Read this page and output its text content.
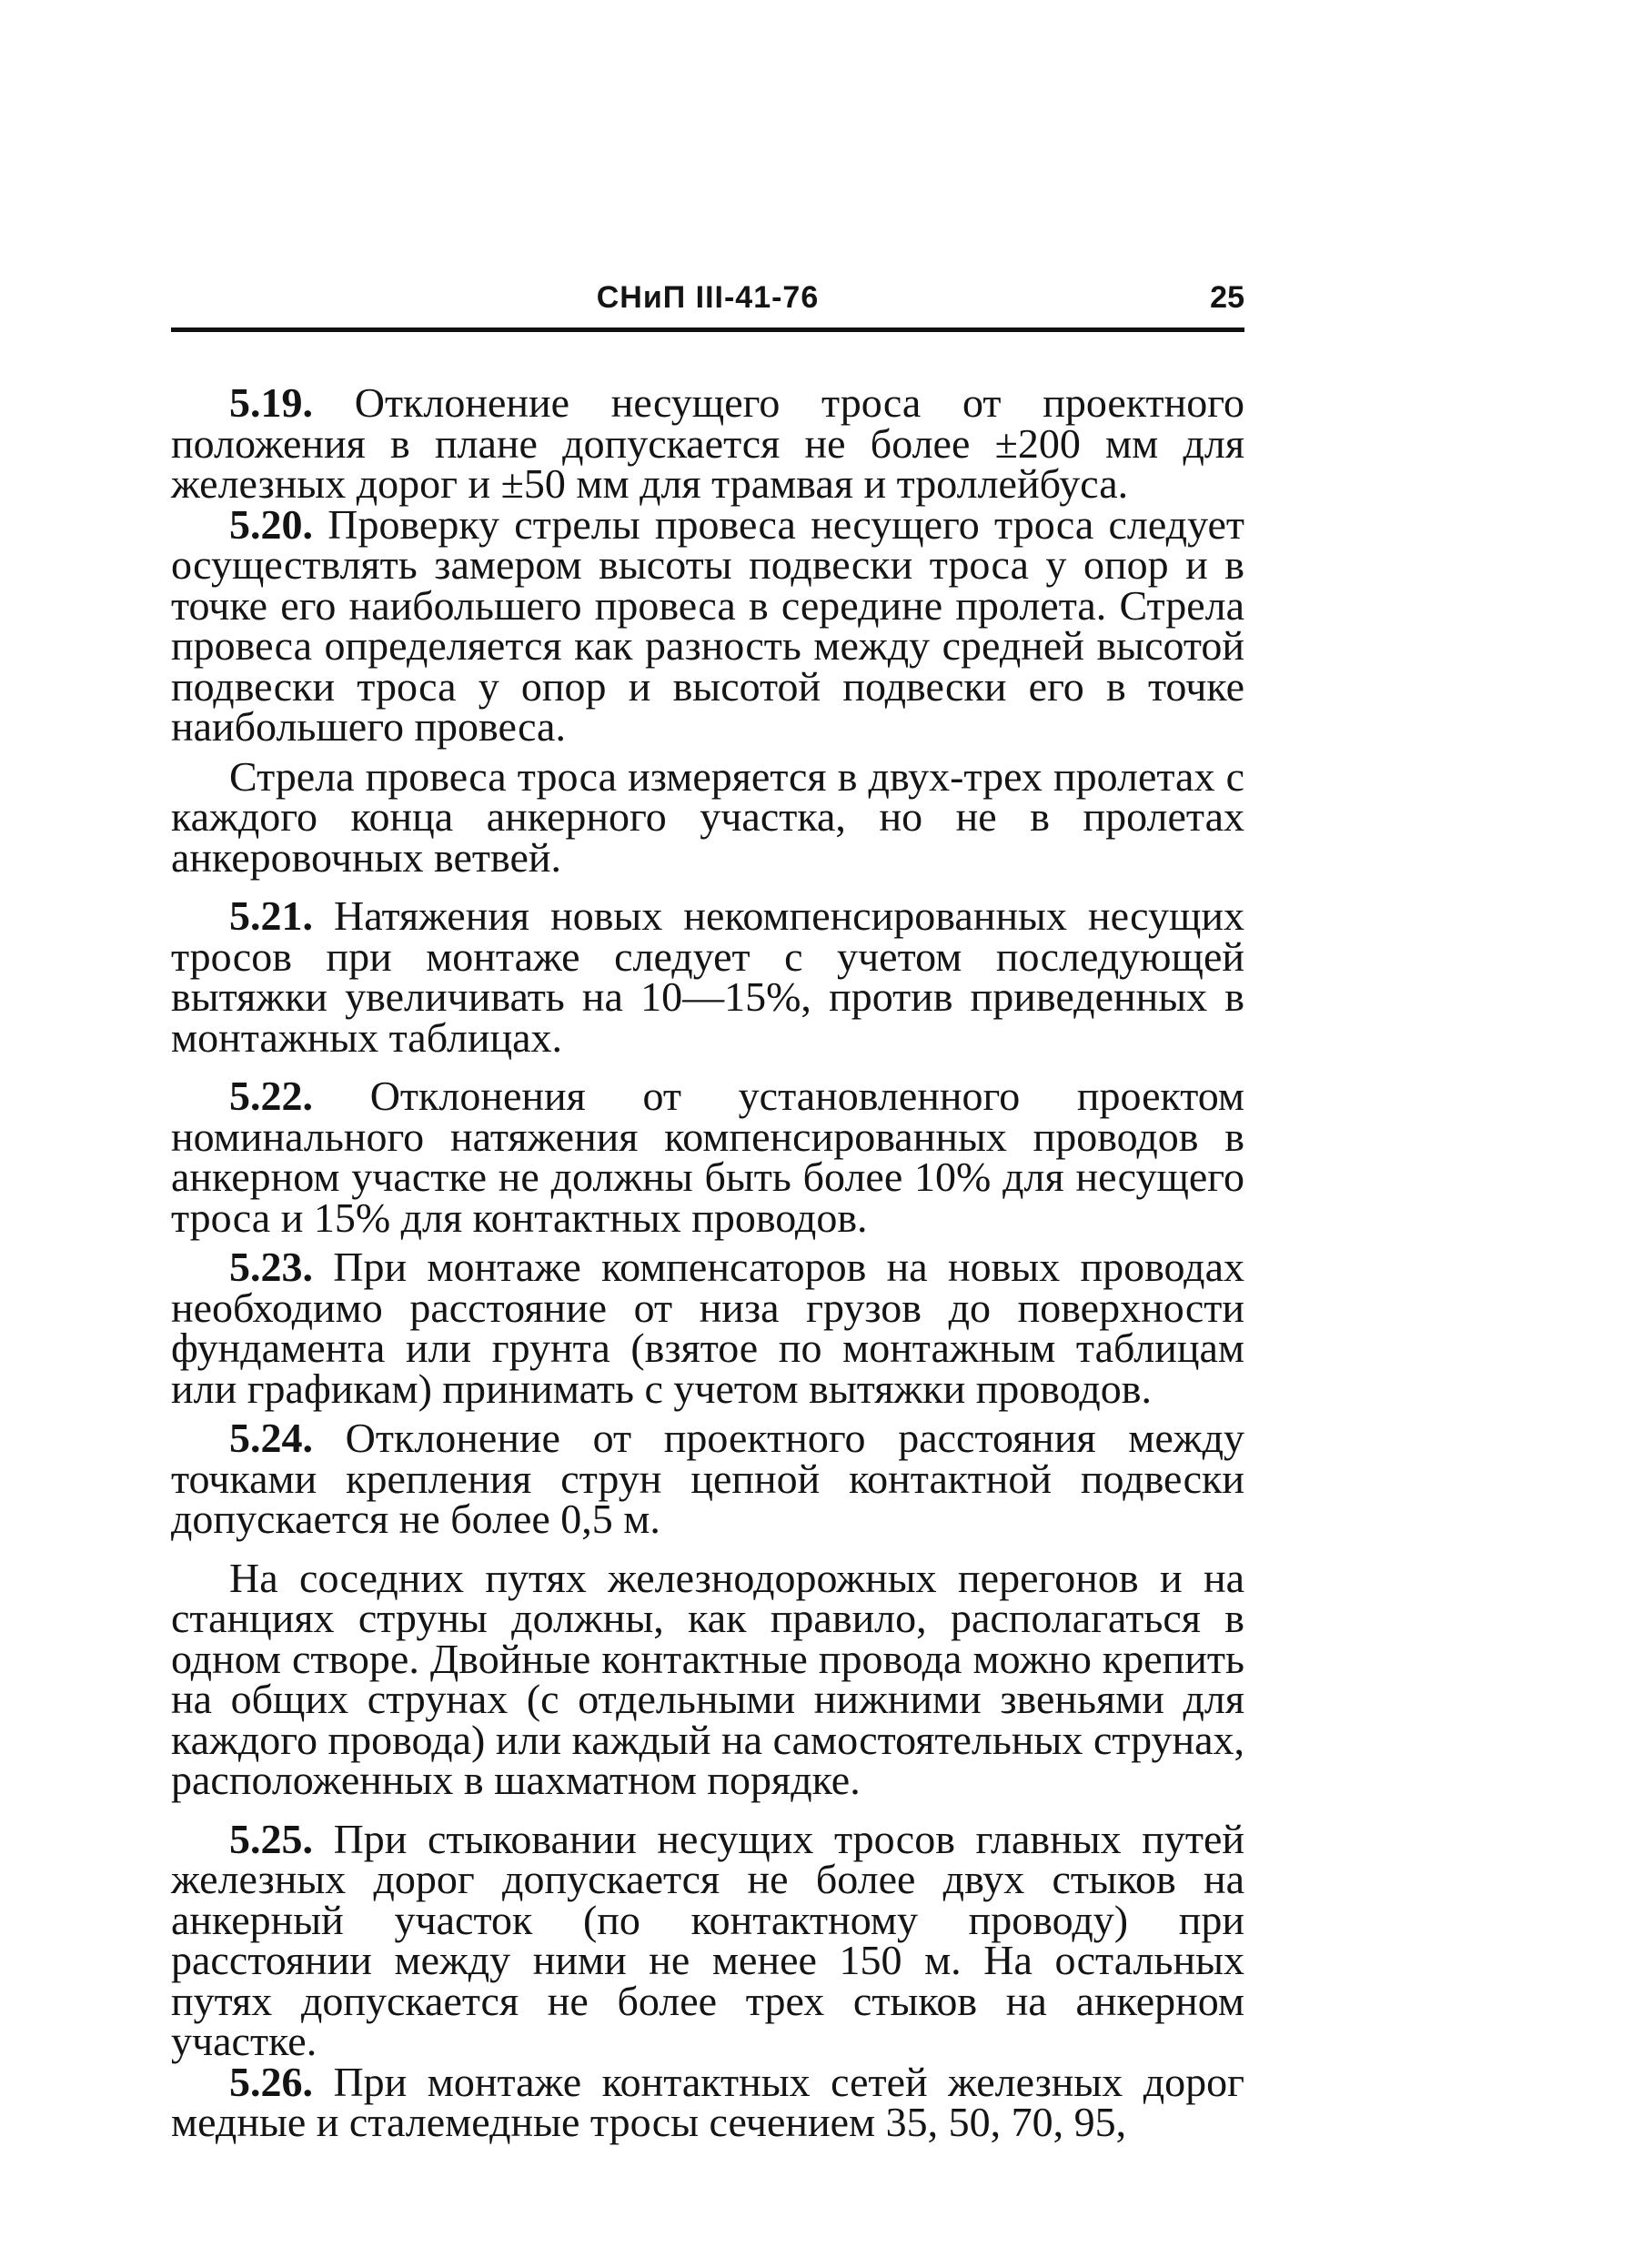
СНиП III-41-76	25

5.19. Отклонение несущего троса от проектного положения в плане допускается не более ±200 мм для железных дорог и ±50 мм для трамвая и троллейбуса.

5.20. Проверку стрелы провеса несущего троса следует осуществлять замером высоты подвески троса у опор и в точке его наибольшего провеса в середине пролета. Стрела провеса определяется как разность между средней высотой подвески троса у опор и высотой подвески его в точке наибольшего провеса.

Стрела провеса троса измеряется в двух-трех пролетах с каждого конца анкерного участка, но не в пролетах анкеровочных ветвей.

5.21. Натяжения новых некомпенсированных несущих тросов при монтаже следует с учетом последующей вытяжки увеличивать на 10—15%, против приведенных в монтажных таблицах.

5.22. Отклонения от установленного проектом номинального натяжения компенсированных проводов в анкерном участке не должны быть более 10% для несущего троса и 15% для контактных проводов.

5.23. При монтаже компенсаторов на новых проводах необходимо расстояние от низа грузов до поверхности фундамента или грунта (взятое по монтажным таблицам или графикам) принимать с учетом вытяжки проводов.

5.24. Отклонение от проектного расстояния между точками крепления струн цепной контактной подвески допускается не более 0,5 м.

На соседних путях железнодорожных перегонов и на станциях струны должны, как правило, располагаться в одном створе. Двойные контактные провода можно крепить на общих струнах (с отдельными нижними звеньями для каждого провода) или каждый на самостоятельных струнах, расположенных в шахматном порядке.

5.25. При стыковании несущих тросов главных путей железных дорог допускается не более двух стыков на анкерный участок (по контактному проводу) при расстоянии между ними не менее 150 м. На остальных путях допускается не более трех стыков на анкерном участке.

5.26. При монтаже контактных сетей железных дорог медные и сталемедные тросы сечением 35, 50, 70, 95,
